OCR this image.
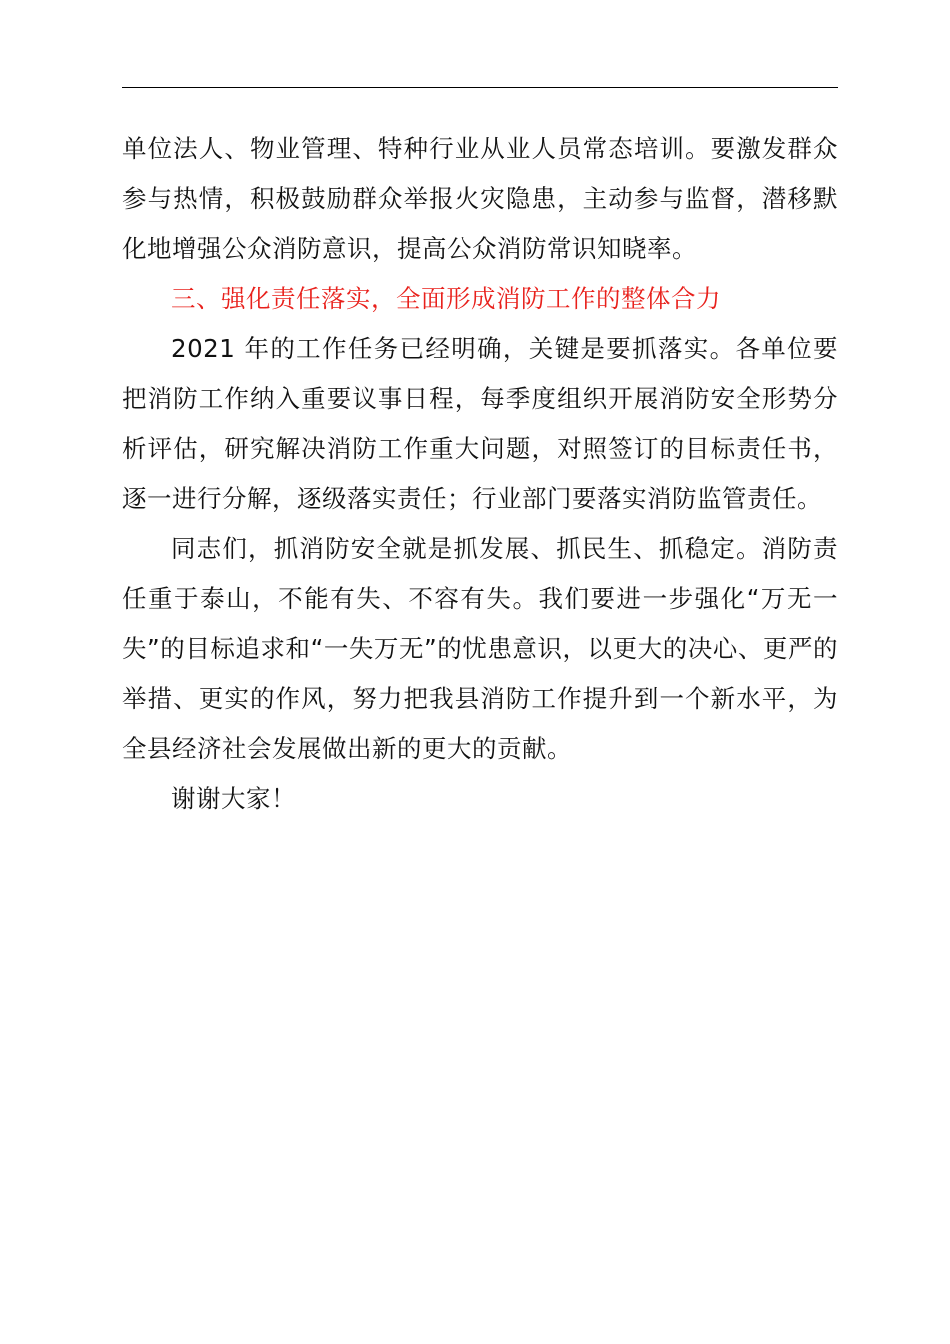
单位法人、物业管理、特种行业从业人员常态培训。要激发群众参与热情，积极鼓励群众举报火灾隐患，主动参与监督，潜移默化地增强公众消防意识，提高公众消防常识知晓率。

三、强化责任落实，全面形成消防工作的整体合力

2021 年的工作任务已经明确，关键是要抓落实。各单位要把消防工作纳入重要议事日程，每季度组织开展消防安全形势分析评估，研究解决消防工作重大问题，对照签订的目标责任书，逐一进行分解，逐级落实责任；行业部门要落实消防监管责任。

同志们，抓消防安全就是抓发展、抓民生、抓稳定。消防责任重于泰山，不能有失、不容有失。我们要进一步强化“万无一失”的目标追求和“一失万无”的忧患意识，以更大的决心、更严的举措、更实的作风，努力把我县消防工作提升到一个新水平，为全县经济社会发展做出新的更大的贡献。

谢谢大家！
